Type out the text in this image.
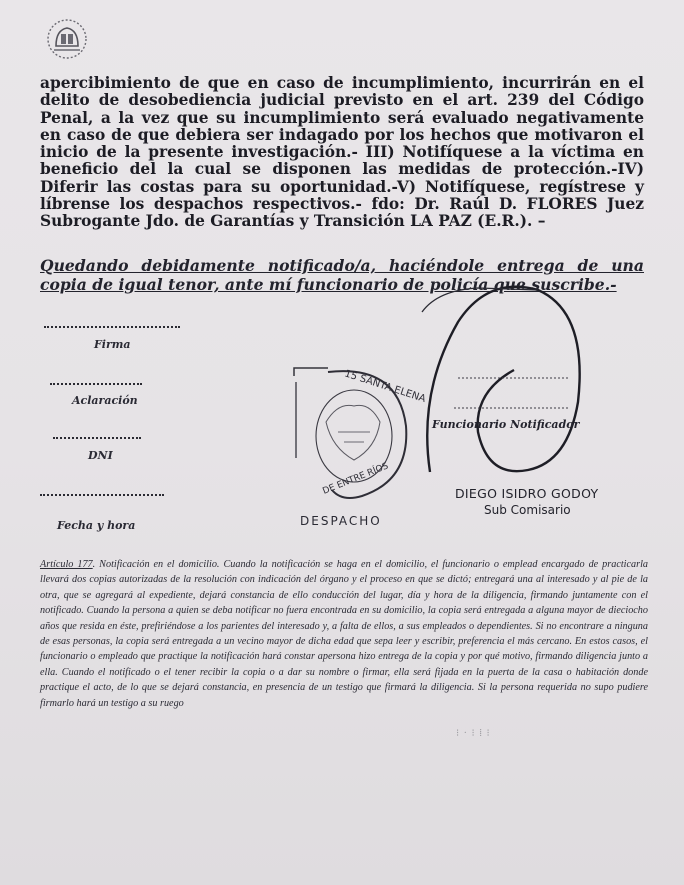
apercibimiento de que en caso de incumplimiento, incurrirán en el delito de desobediencia judicial previsto en el art. 239 del Código Penal, a la vez que su incumplimiento será evaluado negativamente en caso de que debiera ser indagado por los hechos que motivaron el inicio de la presente investigación.- III) Notifíquese a la víctima en beneficio del la cual se disponen las medidas de protección.-IV) Diferir las costas para su oportunidad.-V) Notifíquese, regístrese y líbrense los despachos respectivos.- fdo: Dr. Raúl D. FLORES Juez Subrogante Jdo. de Garantías y Transición LA PAZ (E.R.). –

Quedando debidamente notificado/a, haciéndole entrega de una copia de igual tenor, ante mí funcionario de policía que suscribe.-

Firma
Aclaración
DNI
Fecha y hora
15 SANTA ELENA
DE ENTRE RÍOS
DESPACHO
Funcionario Notificador
DIEGO ISIDRO GODOY
Sub Comisario

Artículo 177. Notificación en el domicilio. Cuando la notificación se haga en el domicilio, el funcionario o emplead encargado de practicarla llevará dos copias autorizadas de la resolución con indicación del órgano y el proceso en que se dictó; entregará una al interesado y al pie de la otra, que se agregará al expediente, dejará constancia de ello conducción del lugar, día y hora de la diligencia, firmando juntamente con el notificado. Cuando la persona a quien se deba notificar no fuera encontrada en su domicilio, la copia será entregada a alguna mayor de dieciocho años que resida en éste, prefiriéndose a los parientes del interesado y, a falta de ellos, a sus empleados o dependientes. Si no encontrare a ninguna de esas personas, la copia será entregada a un vecino mayor de dicha edad que sepa leer y escribir, preferencia el más cercano. En estos casos, el funcionario o empleado que practique la notificación hará constar apersona hizo entrega de la copia y por qué motivo, firmando diligencia junto a ella. Cuando el notificado o el tener recibir la copia o a dar su nombre o firmar, ella será fijada en la puerta de la casa o habitación donde practique el acto, de lo que se dejará constancia, en presencia de un testigo que firmará la diligencia. Si la persona requerida no supo pudiere firmarlo hará un testigo a su ruego

⁝ · ⁝ ⁞ ⁝
